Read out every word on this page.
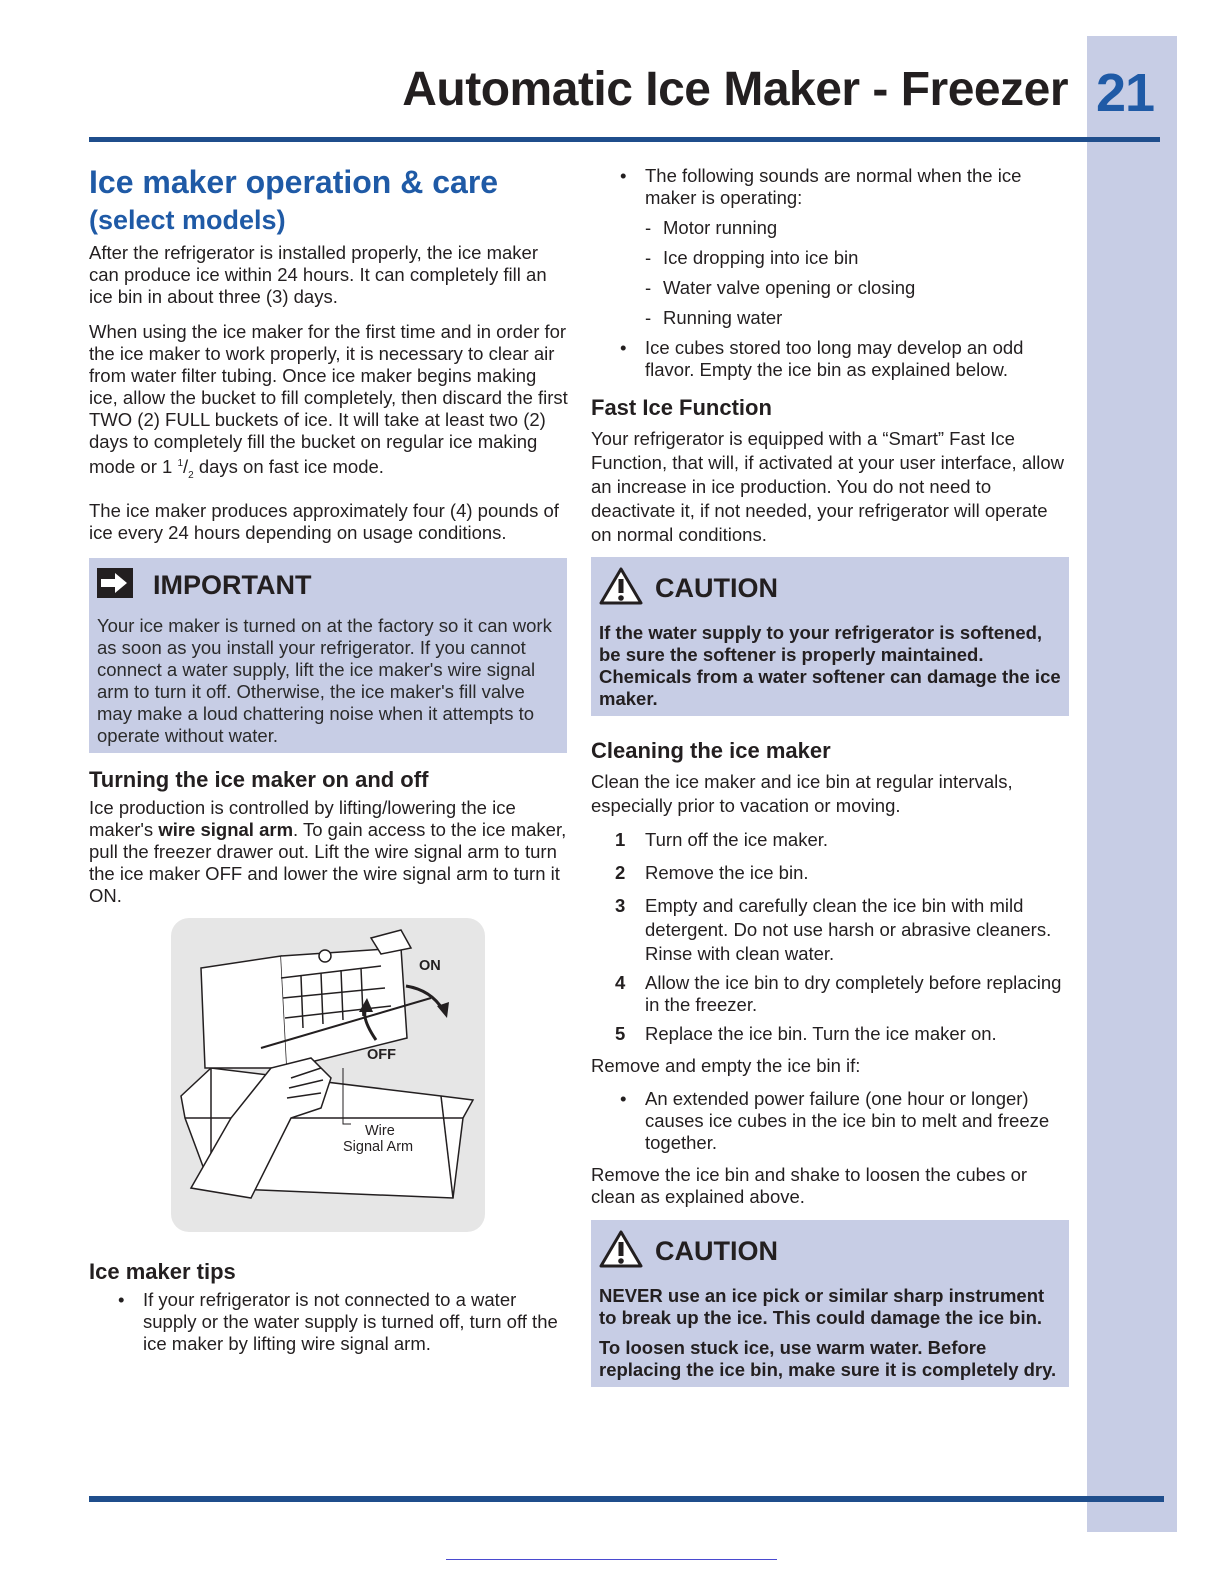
Automatic Ice Maker - Freezer 21
Ice maker operation & care
(select models)

After the refrigerator is installed properly, the ice maker can produce ice within 24 hours. It can completely fill an ice bin in about three (3) days.

When using the ice maker for the first time and in order for the ice maker to work properly, it is necessary to clear air from water filter tubing. Once ice maker begins making ice, allow the bucket to fill completely, then discard the first TWO (2) FULL buckets of ice. It will take at least two (2) days to completely fill the bucket on regular ice making mode or 1 $^1/_2$ days on fast ice mode.

The ice maker produces approximately four (4) pounds of ice every 24 hours depending on usage conditions.

IMPORTANT

Your ice maker is turned on at the factory so it can work as soon as you install your refrigerator. If you cannot connect a water supply, lift the ice maker's wire signal arm to turn it off. Otherwise, the ice maker's fill valve may make a loud chattering noise when it attempts to operate without water.

Turning the ice maker on and off

Ice production is controlled by lifting/lowering the ice maker's wire signal arm. To gain access to the ice maker, pull the freezer drawer out. Lift the wire signal arm to turn the ice maker OFF and lower the wire signal arm to turn it ON.

ON
OFF
Wire
Signal Arm
Ice maker tips
• If your refrigerator is not connected to a water supply or the water supply is turned off, turn off the ice maker by lifting wire signal arm.
• The following sounds are normal when the ice maker is operating:
- Motor running
- Ice dropping into ice bin
- Water valve opening or closing
- Running water
• Ice cubes stored too long may develop an odd flavor. Empty the ice bin as explained below.
Fast Ice Function

Your refrigerator is equipped with a “Smart” Fast Ice Function, that will, if activated at your user interface, allow an increase in ice production. You do not need to deactivate it, if not needed, your refrigerator will operate on normal conditions.

CAUTION

If the water supply to your refrigerator is softened, be sure the softener is properly maintained. Chemicals from a water softener can damage the ice maker.

Cleaning the ice maker

Clean the ice maker and ice bin at regular intervals, especially prior to vacation or moving.

1 Turn off the ice maker.
2 Remove the ice bin.
3 Empty and carefully clean the ice bin with mild detergent. Do not use harsh or abrasive cleaners. Rinse with clean water.
4 Allow the ice bin to dry completely before replacing in the freezer.
5 Replace the ice bin. Turn the ice maker on.

Remove and empty the ice bin if:

• An extended power failure (one hour or longer) causes ice cubes in the ice bin to melt and freeze together.

Remove the ice bin and shake to loosen the cubes or clean as explained above.

CAUTION

NEVER use an ice pick or similar sharp instrument to break up the ice. This could damage the ice bin.

To loosen stuck ice, use warm water. Before replacing the ice bin, make sure it is completely dry.
